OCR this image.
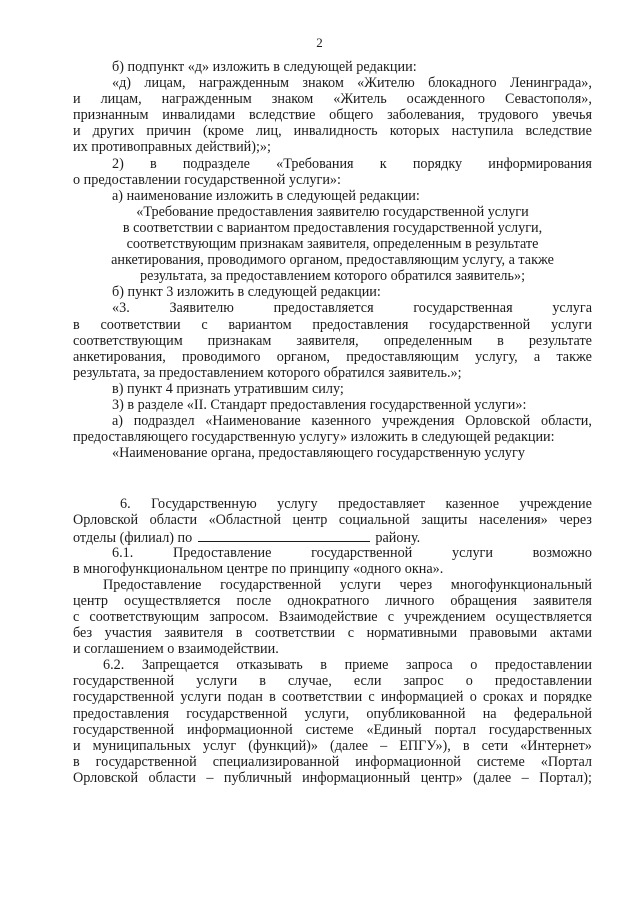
2
б) подпункт «д» изложить в следующей редакции:
«д) лицам, награжденным знаком «Жителю блокадного Ленинграда»,
и лицам, награжденным знаком «Житель осажденного Севастополя»,
признанным инвалидами вследствие общего заболевания, трудового увечья
и других причин (кроме лиц, инвалидность которых наступила вследствие
их противоправных действий);»;
2) в подразделе «Требования к порядку информирования
о предоставлении государственной услуги»:
а) наименование изложить в следующей редакции:
«Требование предоставления заявителю государственной услуги
в соответствии с вариантом предоставления государственной услуги,
соответствующим признакам заявителя, определенным в результате
анкетирования, проводимого органом, предоставляющим услугу, а также
результата, за предоставлением которого обратился заявитель»;
б) пункт 3 изложить в следующей редакции:
«3.	Заявителю	предоставляется	государственная	услуга
в соответствии с вариантом предоставления государственной услуги
соответствующим признакам заявителя, определенным в результате
анкетирования, проводимого органом, предоставляющим услугу, а также
результата, за предоставлением которого обратился заявитель.»;
в) пункт 4 признать утратившим силу;
3) в разделе «II. Стандарт предоставления государственной услуги»:
а) подраздел «Наименование казенного учреждения Орловской области,
предоставляющего государственную услугу» изложить в следующей редакции:
«Наименование органа, предоставляющего государственную услугу
6. Государственную услугу предоставляет казенное учреждение
Орловской области «Областной центр социальной защиты населения» через
отделы (филиал) по	району.
6.1.	Предоставление	государственной	услуги	возможно
в многофункциональном центре по принципу «одного окна».
Предоставление государственной услуги через многофункциональный
центр осуществляется после однократного личного обращения заявителя
с соответствующим запросом. Взаимодействие с учреждением осуществляется
без участия заявителя в соответствии с нормативными правовыми актами
и соглашением о взаимодействии.
6.2. Запрещается отказывать в приеме запроса о предоставлении
государственной услуги в случае, если запрос о предоставлении
государственной услуги подан в соответствии с информацией о сроках и порядке
предоставления государственной услуги, опубликованной на федеральной
государственной информационной системе «Единый портал государственных
и муниципальных услуг (функций)» (далее – ЕПГУ»), в сети «Интернет»
в государственной специализированной информационной системе «Портал
Орловской области – публичный информационный центр» (далее – Портал);
